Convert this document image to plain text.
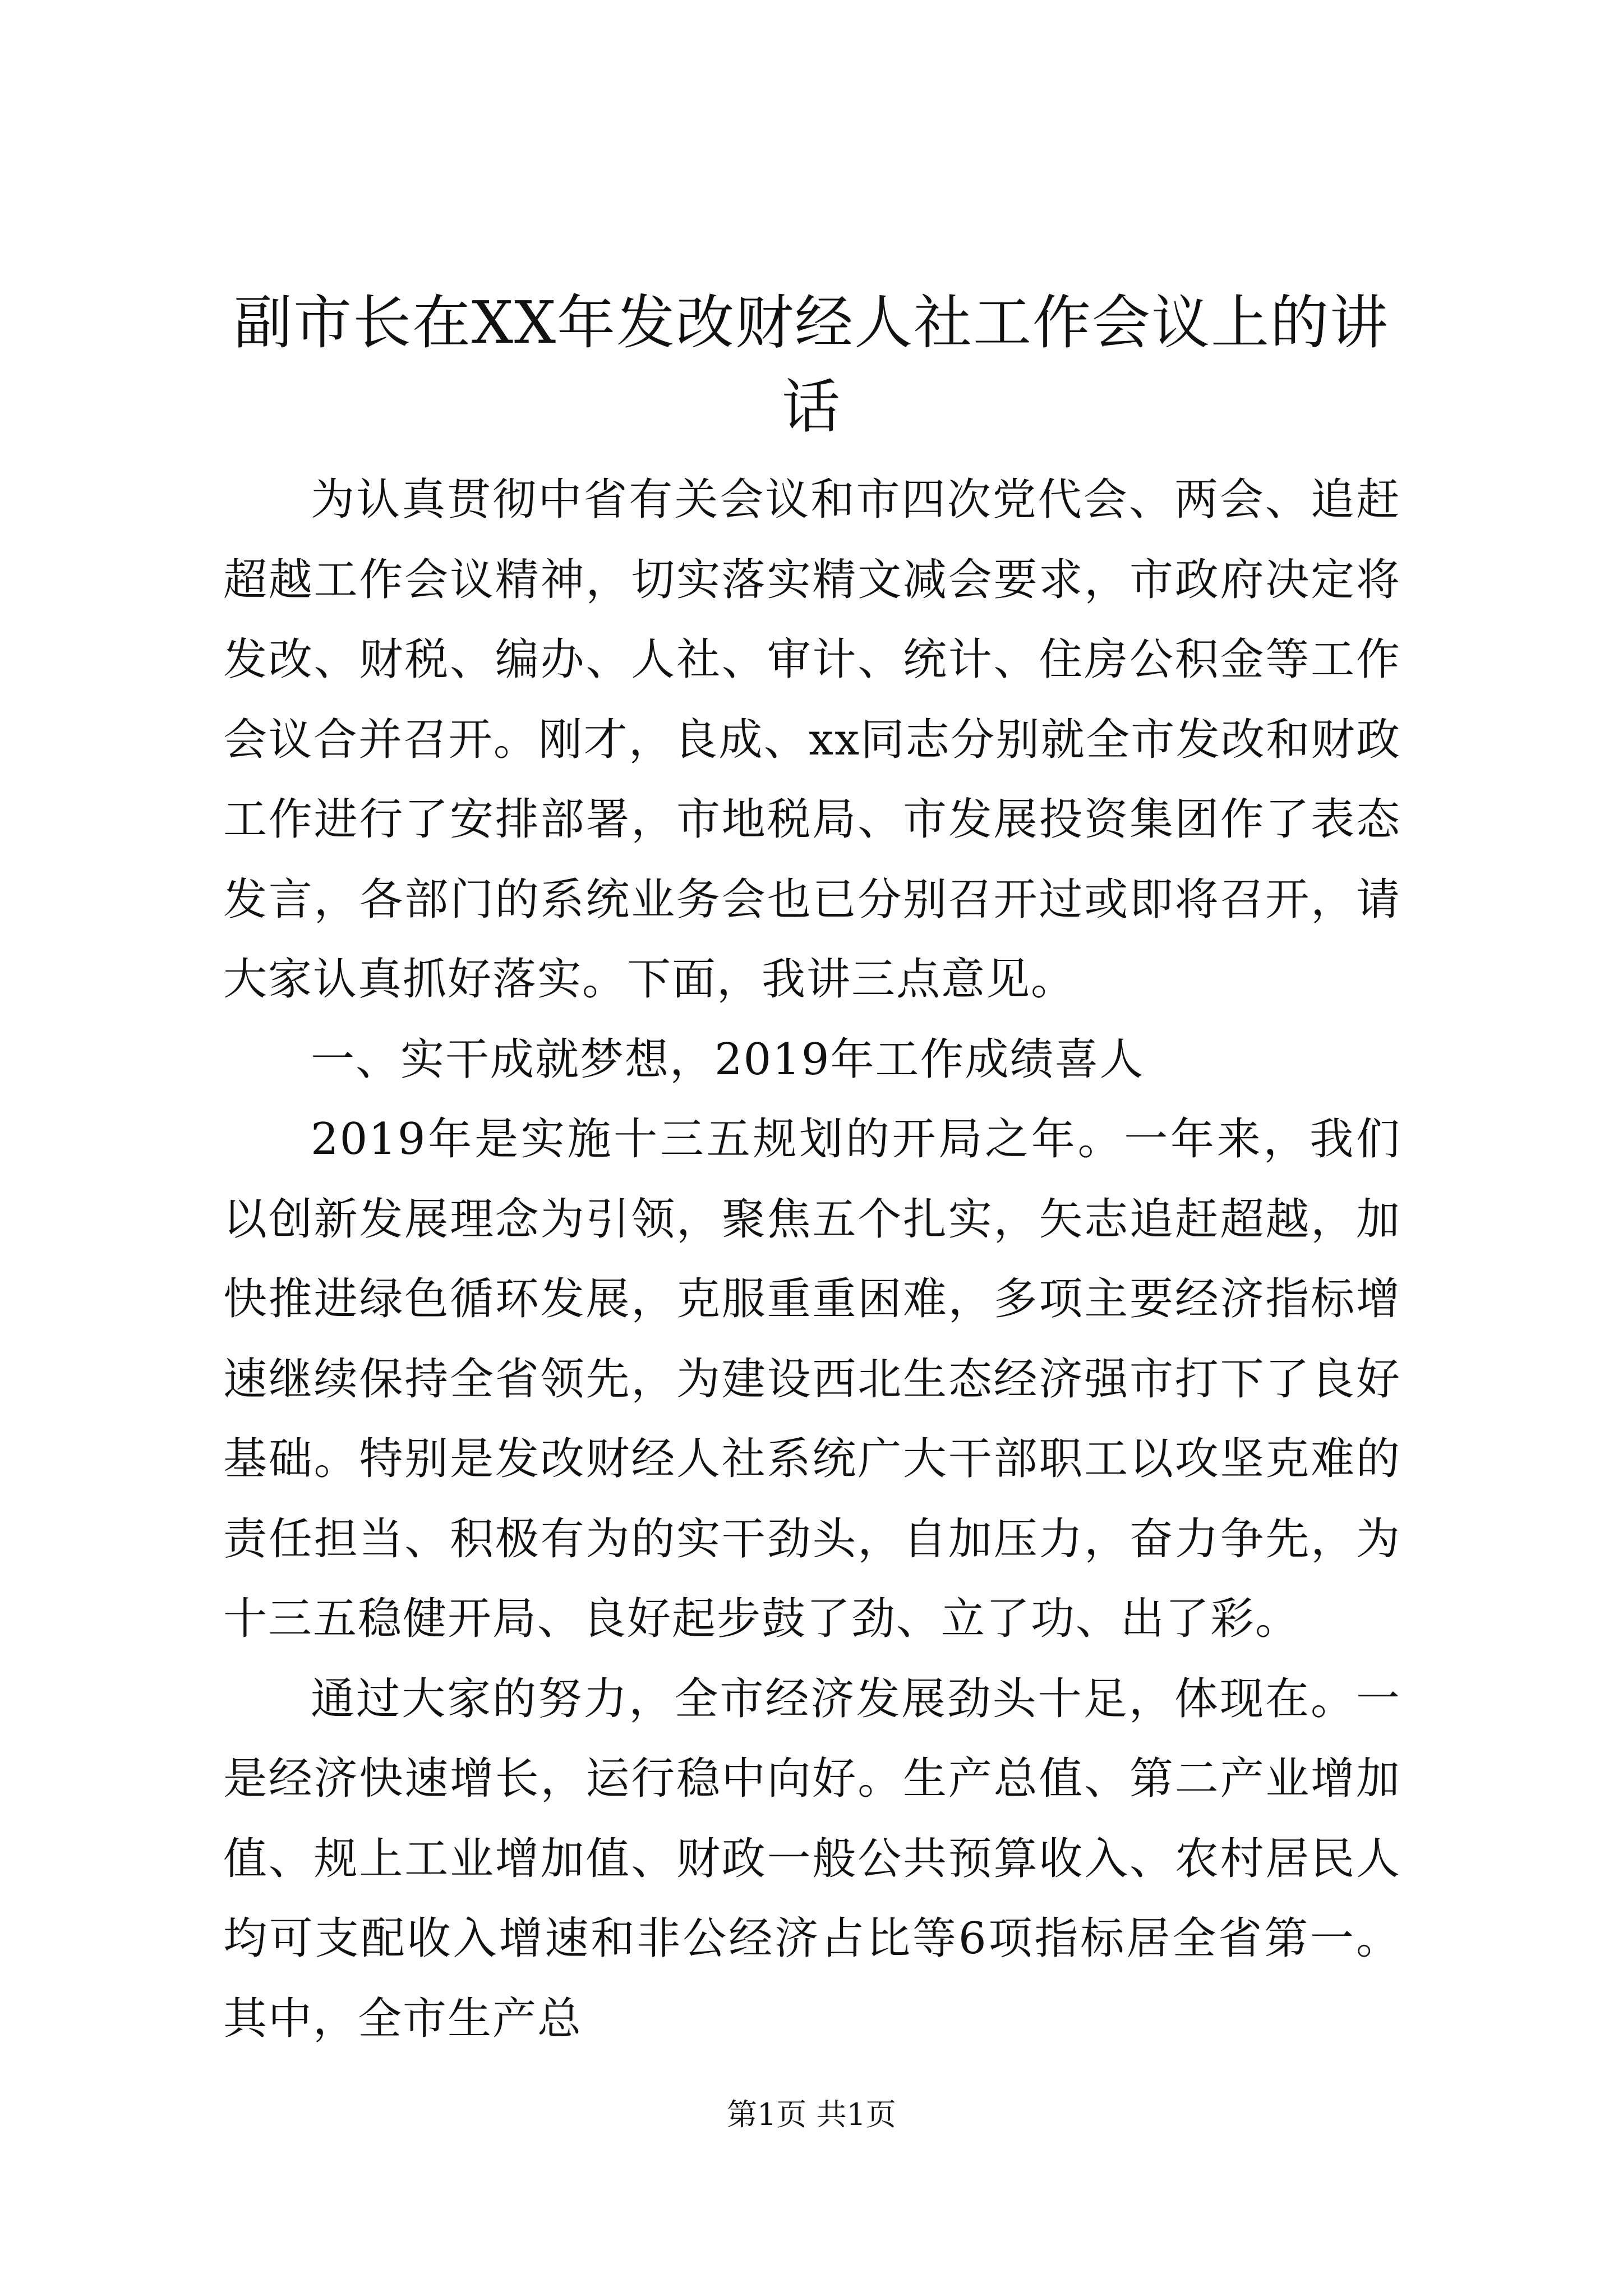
副市长在XX年发改财经人社工作会议上的讲话

为认真贯彻中省有关会议和市四次党代会、两会、追赶超越工作会议精神，切实落实精文减会要求，市政府决定将发改、财税、编办、人社、审计、统计、住房公积金等工作会议合并召开。刚才，良成、xx同志分别就全市发改和财政工作进行了安排部署，市地税局、市发展投资集团作了表态发言，各部门的系统业务会也已分别召开过或即将召开，请大家认真抓好落实。下面，我讲三点意见。

一、实干成就梦想，2019年工作成绩喜人

2019年是实施十三五规划的开局之年。一年来，我们以创新发展理念为引领，聚焦五个扎实，矢志追赶超越，加快推进绿色循环发展，克服重重困难，多项主要经济指标增速继续保持全省领先，为建设西北生态经济强市打下了良好基础。特别是发改财经人社系统广大干部职工以攻坚克难的责任担当、积极有为的实干劲头，自加压力，奋力争先，为十三五稳健开局、良好起步鼓了劲、立了功、出了彩。

通过大家的努力，全市经济发展劲头十足，体现在。一是经济快速增长，运行稳中向好。生产总值、第二产业增加值、规上工业增加值、财政一般公共预算收入、农村居民人均可支配收入增速和非公经济占比等6项指标居全省第一。其中，全市生产总

第1页 共1页
